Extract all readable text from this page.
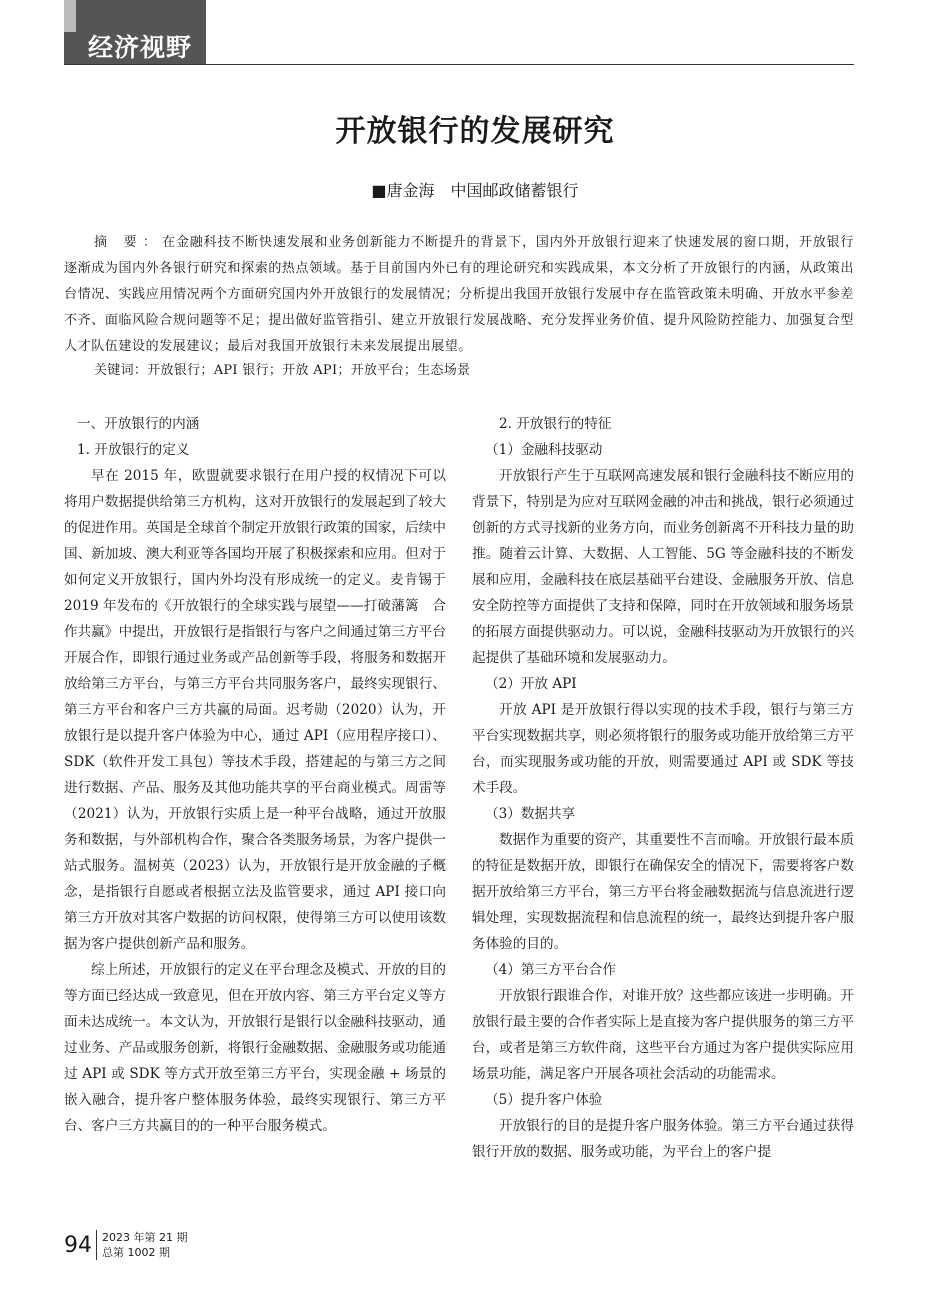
经济视野
开放银行的发展研究
■唐金海 中国邮政储蓄银行
摘 要：在金融科技不断快速发展和业务创新能力不断提升的背景下，国内外开放银行迎来了快速发展的窗口期，开放银行逐渐成为国内外各银行研究和探索的热点领域。基于目前国内外已有的理论研究和实践成果，本文分析了开放银行的内涵，从政策出台情况、实践应用情况两个方面研究国内外开放银行的发展情况；分析提出我国开放银行发展中存在监管政策未明确、开放水平参差不齐、面临风险合规问题等不足；提出做好监管指引、建立开放银行发展战略、充分发挥业务价值、提升风险防控能力、加强复合型人才队伍建设的发展建议；最后对我国开放银行未来发展提出展望。
关键词：开放银行；API 银行；开放 API；开放平台；生态场景
一、开放银行的内涵
1. 开放银行的定义

早在 2015 年，欧盟就要求银行在用户授的权情况下可以将用户数据提供给第三方机构，这对开放银行的发展起到了较大的促进作用。英国是全球首个制定开放银行政策的国家，后续中国、新加坡、澳大利亚等各国均开展了积极探索和应用。但对于如何定义开放银行，国内外均没有形成统一的定义。麦肯锡于 2019 年发布的《开放银行的全球实践与展望——打破藩篱　合作共赢》中提出，开放银行是指银行与客户之间通过第三方平台开展合作，即银行通过业务或产品创新等手段，将服务和数据开放给第三方平台，与第三方平台共同服务客户，最终实现银行、第三方平台和客户三方共赢的局面。迟考勋（2020）认为，开放银行是以提升客户体验为中心，通过 API（应用程序接口）、SDK（软件开发工具包）等技术手段，搭建起的与第三方之间进行数据、产品、服务及其他功能共享的平台商业模式。周雷等（2021）认为，开放银行实质上是一种平台战略，通过开放服务和数据，与外部机构合作，聚合各类服务场景，为客户提供一站式服务。温树英（2023）认为，开放银行是开放金融的子概念，是指银行自愿或者根据立法及监管要求，通过 API 接口向第三方开放对其客户数据的访问权限，使得第三方可以使用该数据为客户提供创新产品和服务。

综上所述，开放银行的定义在平台理念及模式、开放的目的等方面已经达成一致意见，但在开放内容、第三方平台定义等方面未达成统一。本文认为，开放银行是银行以金融科技驱动，通过业务、产品或服务创新，将银行金融数据、金融服务或功能通过 API 或 SDK 等方式开放至第三方平台，实现金融 + 场景的嵌入融合，提升客户整体服务体验，最终实现银行、第三方平台、客户三方共赢目的的一种平台服务模式。

2. 开放银行的特征
（1）金融科技驱动

开放银行产生于互联网高速发展和银行金融科技不断应用的背景下，特别是为应对互联网金融的冲击和挑战，银行必须通过创新的方式寻找新的业务方向，而业务创新离不开科技力量的助推。随着云计算、大数据、人工智能、5G 等金融科技的不断发展和应用，金融科技在底层基础平台建设、金融服务开放、信息安全防控等方面提供了支持和保障，同时在开放领域和服务场景的拓展方面提供驱动力。可以说，金融科技驱动为开放银行的兴起提供了基础环境和发展驱动力。

（2）开放 API

开放 API 是开放银行得以实现的技术手段，银行与第三方平台实现数据共享，则必须将银行的服务或功能开放给第三方平台，而实现服务或功能的开放，则需要通过 API 或 SDK 等技术手段。

（3）数据共享

数据作为重要的资产，其重要性不言而喻。开放银行最本质的特征是数据开放，即银行在确保安全的情况下，需要将客户数据开放给第三方平台，第三方平台将金融数据流与信息流进行逻辑处理，实现数据流程和信息流程的统一，最终达到提升客户服务体验的目的。

（4）第三方平台合作

开放银行跟谁合作，对谁开放？这些都应该进一步明确。开放银行最主要的合作者实际上是直接为客户提供服务的第三方平台，或者是第三方软件商，这些平台方通过为客户提供实际应用场景功能，满足客户开展各项社会活动的功能需求。

（5）提升客户体验

开放银行的目的是提升客户服务体验。第三方平台通过获得银行开放的数据、服务或功能，为平台上的客户提

94 2023 年第 21 期
总第 1002 期
